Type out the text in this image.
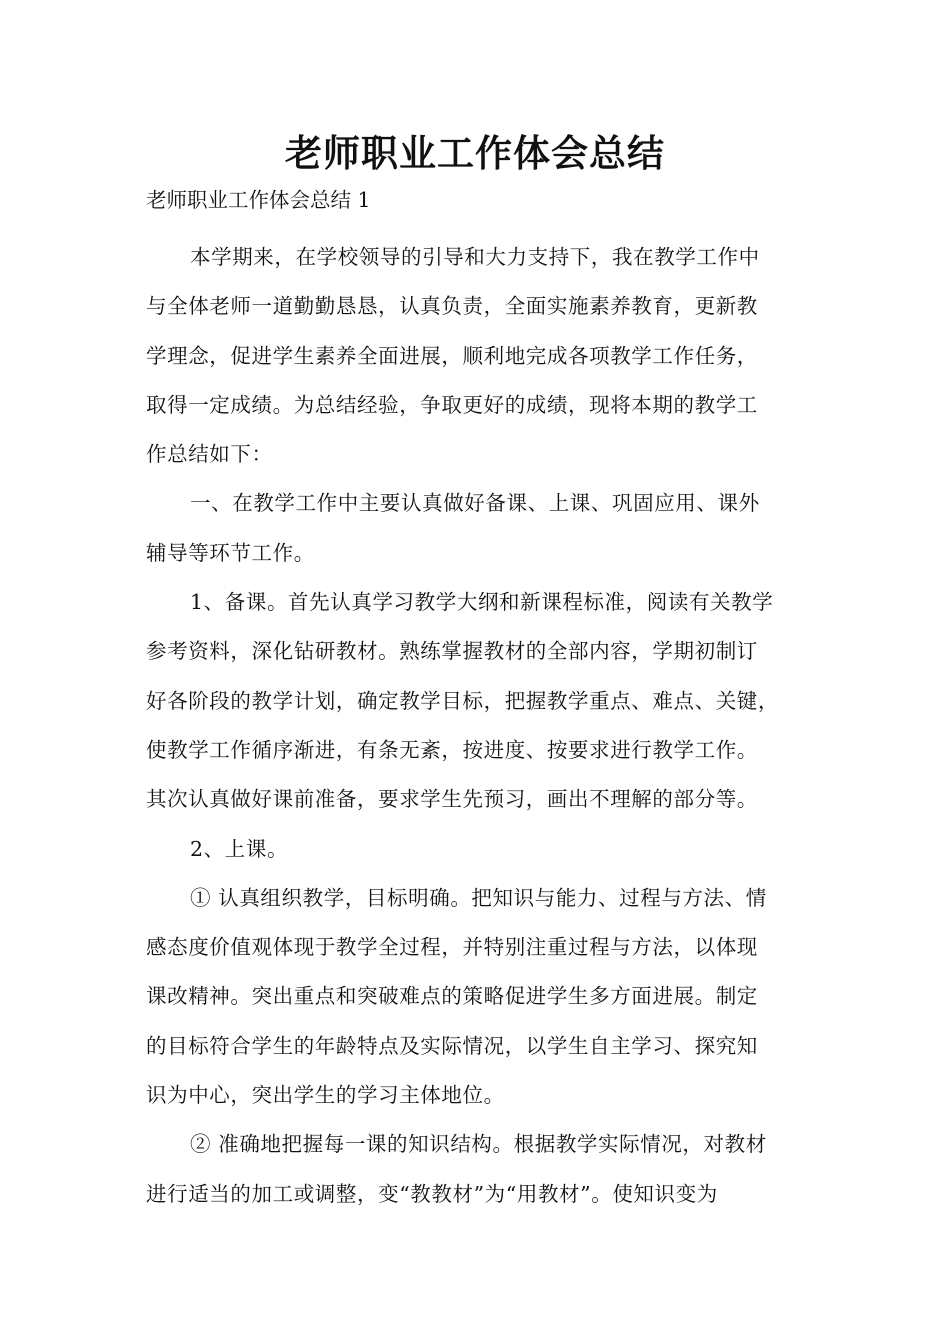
老师职业工作体会总结
老师职业工作体会总结 1
本学期来，在学校领导的引导和大力支持下，我在教学工作中
与全体老师一道勤勤恳恳，认真负责，全面实施素养教育，更新教
学理念，促进学生素养全面进展，顺利地完成各项教学工作任务，
取得一定成绩。为总结经验，争取更好的成绩，现将本期的教学工
作总结如下：
一、在教学工作中主要认真做好备课、上课、巩固应用、课外
辅导等环节工作。
1、备课。首先认真学习教学大纲和新课程标准，阅读有关教学
参考资料，深化钻研教材。熟练掌握教材的全部内容，学期初制订
好各阶段的教学计划，确定教学目标，把握教学重点、难点、关键，
使教学工作循序渐进，有条无紊，按进度、按要求进行教学工作。
其次认真做好课前准备，要求学生先预习，画出不理解的部分等。
2、上课。
① 认真组织教学，目标明确。把知识与能力、过程与方法、情
感态度价值观体现于教学全过程，并特别注重过程与方法，以体现
课改精神。突出重点和突破难点的策略促进学生多方面进展。制定
的目标符合学生的年龄特点及实际情况，以学生自主学习、探究知
识为中心，突出学生的学习主体地位。
② 准确地把握每一课的知识结构。根据教学实际情况，对教材
进行适当的加工或调整，变“教教材”为“用教材”。使知识变为
